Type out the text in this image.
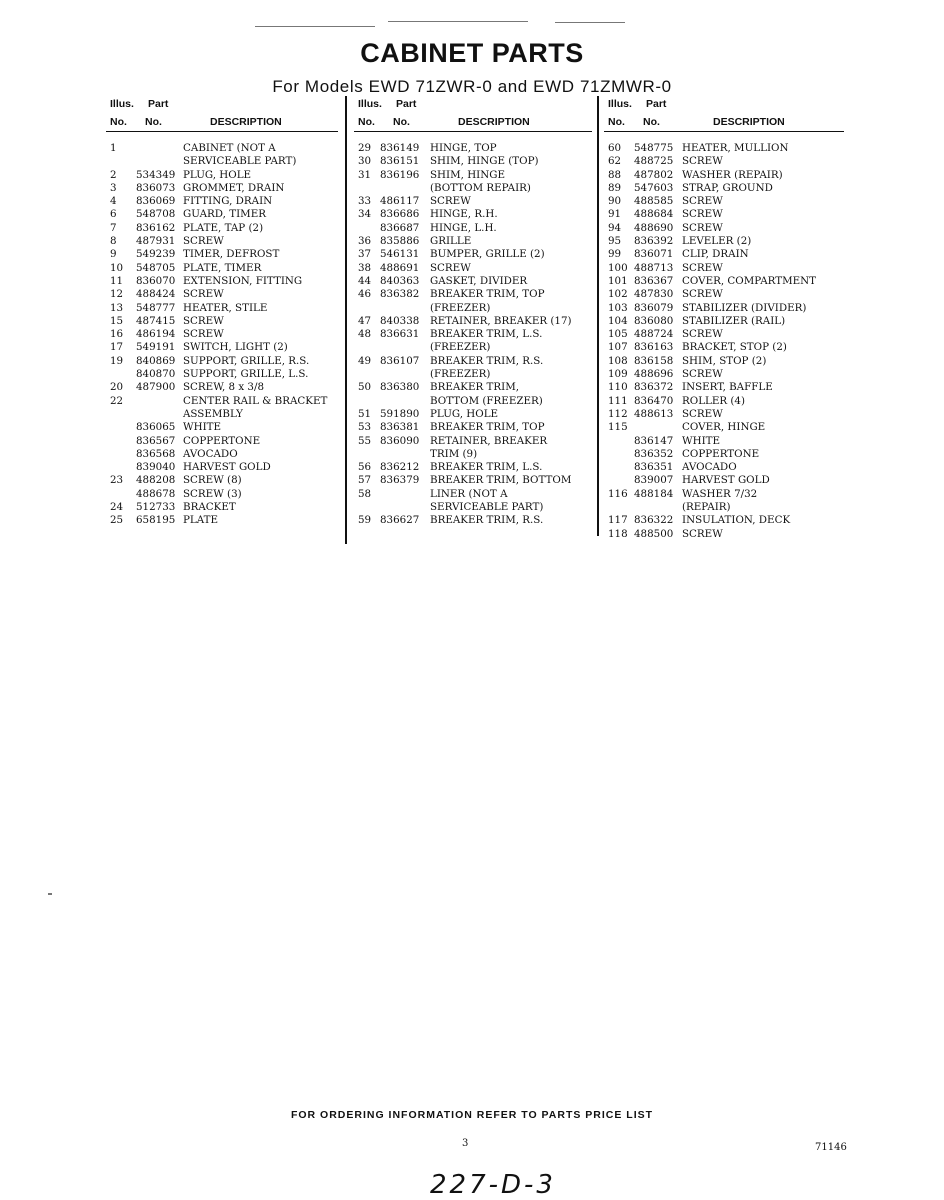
CABINET PARTS
For Models EWD 71ZWR-0 and EWD 71ZMWR-0
Illus. Part
No. No.	DESCRIPTION
1	CABINET (NOT A
SERVICEABLE PART)
2 534349 PLUG, HOLE
3 836073 GROMMET, DRAIN
4 836069 FITTING, DRAIN
6 548708 GUARD, TIMER
7 836162 PLATE, TAP (2)
8 487931 SCREW
9 549239 TIMER, DEFROST
10 548705 PLATE, TIMER
11 836070 EXTENSION, FITTING
12 488424 SCREW
13 548777 HEATER, STILE
15 487415 SCREW
16 486194 SCREW
17 549191 SWITCH, LIGHT (2)
19 840869 SUPPORT, GRILLE, R.S.
840870 SUPPORT, GRILLE, L.S.
20 487900 SCREW, 8 x 3/8
22	CENTER RAIL & BRACKET
ASSEMBLY
836065 WHITE
836567 COPPERTONE
836568 AVOCADO
839040 HARVEST GOLD
23 488208 SCREW (8)
488678 SCREW (3)
24 512733 BRACKET
25 658195 PLATE
Illus. Part
No. No.	DESCRIPTION
29 836149 HINGE, TOP
30 836151 SHIM, HINGE (TOP)
31 836196 SHIM, HINGE
(BOTTOM REPAIR)
33 486117 SCREW
34 836686 HINGE, R.H.
836687 HINGE, L.H.
36 835886 GRILLE
37 546131 BUMPER, GRILLE (2)
38 488691 SCREW
44 840363 GASKET, DIVIDER
46 836382 BREAKER TRIM, TOP
(FREEZER)
47 840338 RETAINER, BREAKER (17)
48 836631 BREAKER TRIM, L.S.
(FREEZER)
49 836107 BREAKER TRIM, R.S.
(FREEZER)
50 836380 BREAKER TRIM,
BOTTOM (FREEZER)
51 591890 PLUG, HOLE
53 836381 BREAKER TRIM, TOP
55 836090 RETAINER, BREAKER
TRIM (9)
56 836212 BREAKER TRIM, L.S.
57 836379 BREAKER TRIM, BOTTOM
58	LINER (NOT A
SERVICEABLE PART)
59 836627 BREAKER TRIM, R.S.
Illus. Part
No. No.	DESCRIPTION
60 548775 HEATER, MULLION
62 488725 SCREW
88 487802 WASHER (REPAIR)
89 547603 STRAP, GROUND
90 488585 SCREW
91 488684 SCREW
94 488690 SCREW
95 836392 LEVELER (2)
99 836071 CLIP, DRAIN
100 488713 SCREW
101 836367 COVER, COMPARTMENT
102 487830 SCREW
103 836079 STABILIZER (DIVIDER)
104 836080 STABILIZER (RAIL)
105 488724 SCREW
107 836163 BRACKET, STOP (2)
108 836158 SHIM, STOP (2)
109 488696 SCREW
110 836372 INSERT, BAFFLE
111 836470 ROLLER (4)
112 488613 SCREW
115	COVER, HINGE
836147 WHITE
836352 COPPERTONE
836351 AVOCADO
839007 HARVEST GOLD
116 488184 WASHER 7/32
(REPAIR)
117 836322 INSULATION, DECK
118 488500 SCREW
FOR ORDERING INFORMATION REFER TO PARTS PRICE LIST
3	71146
227-D-3
